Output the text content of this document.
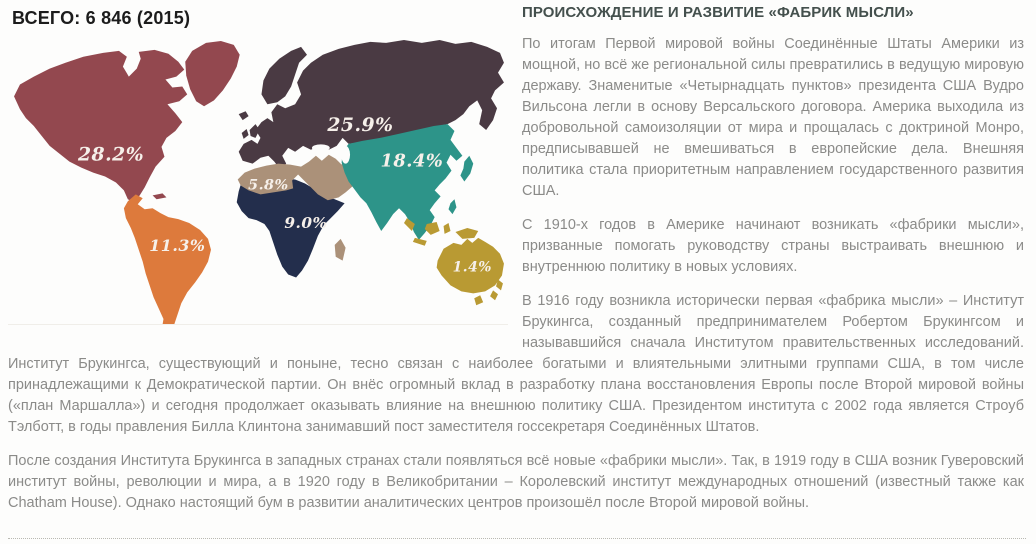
ВСЕГО: 6 846 (2015)
28.2%
11.3%
25.9%
5.8%
9.0%
18.4%
1.4%
ПРОИСХОЖДЕНИЕ И РАЗВИТИЕ «ФАБРИК МЫСЛИ»

По итогам Первой мировой войны Соединённые Штаты Америки из мощной, но всё же региональной силы превратились в ведущую мировую державу. Знаменитые «Четырнадцать пунктов» президента США Вудро Вильсона легли в основу Версальского договора. Америка выходила из добровольной самоизоляции от мира и прощалась с доктриной Монро, предписывавшей не вмешиваться в европейские дела. Внешняя политика стала приоритетным направлением государственного развития США.

С 1910-х годов в Америке начинают возникать «фабрики мысли», призванные помогать руководству страны выстраивать внешнюю и внутреннюю политику в новых условиях.

В 1916 году возникла исторически первая «фабрика мысли» – Институт Брукингса, созданный предпринимателем Робертом Брукингсом и называвшийся сначала Институтом правительственных исследований. Институт Брукингса, существующий и поныне, тесно связан с наиболее богатыми и влиятельными элитными группами США, в том числе принадлежащими к Демократической партии. Он внёс огромный вклад в разработку плана восстановления Европы после Второй мировой войны («план Маршалла») и сегодня продолжает оказывать влияние на внешнюю политику США. Президентом института с 2002 года является Строуб Тэлботт, в годы правления Билла Клинтона занимавший пост заместителя госсекретаря Соединённых Штатов.

После создания Института Брукингса в западных странах стали появляться всё новые «фабрики мысли». Так, в 1919 году в США возник Гуверовский институт войны, революции и мира, а в 1920 году в Великобритании – Королевский институт международных отношений (известный также как Chatham House). Однако настоящий бум в развитии аналитических центров произошёл после Второй мировой войны.
